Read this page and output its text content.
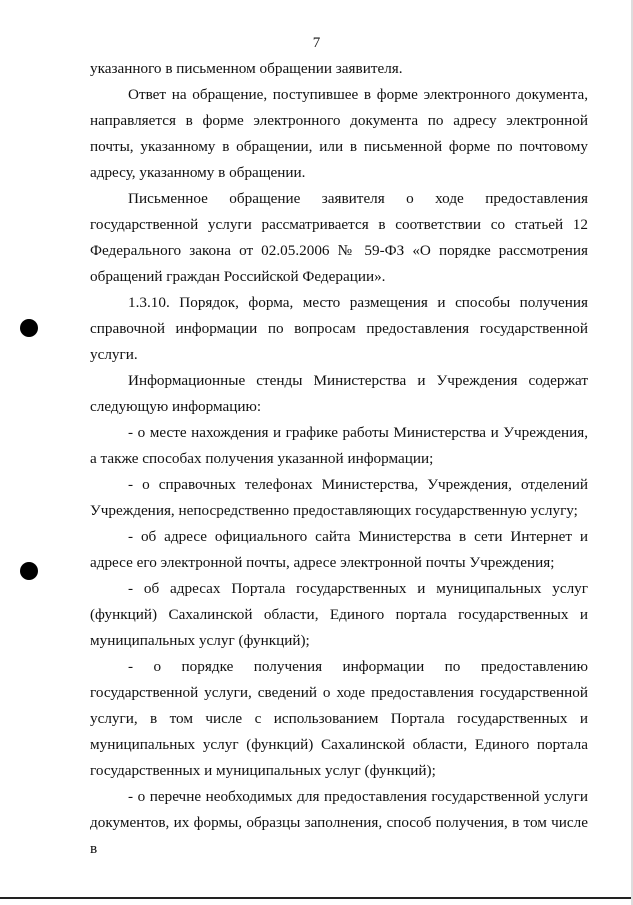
7

указанного в письменном обращении заявителя.

Ответ на обращение, поступившее в форме электронного документа, направляется в форме электронного документа по адресу электронной почты, указанному в обращении, или в письменной форме по почтовому адресу, указанному в обращении.

Письменное обращение заявителя о ходе предоставления государственной услуги рассматривается в соответствии со статьей 12 Федерального закона от 02.05.2006 № 59-ФЗ «О порядке рассмотрения обращений граждан Российской Федерации».

1.3.10. Порядок, форма, место размещения и способы получения справочной информации по вопросам предоставления государственной услуги.

Информационные стенды Министерства и Учреждения содержат следующую информацию:

- о месте нахождения и графике работы Министерства и Учреждения, а также способах получения указанной информации;

- о справочных телефонах Министерства, Учреждения, отделений Учреждения, непосредственно предоставляющих государственную услугу;

- об адресе официального сайта Министерства в сети Интернет и адресе его электронной почты, адресе электронной почты Учреждения;

- об адресах Портала государственных и муниципальных услуг (функций) Сахалинской области, Единого портала государственных и муниципальных услуг (функций);

- о порядке получения информации по предоставлению государственной услуги, сведений о ходе предоставления государственной услуги, в том числе с использованием Портала государственных и муниципальных услуг (функций) Сахалинской области, Единого портала государственных и муниципальных услуг (функций);

- о перечне необходимых для предоставления государственной услуги документов, их формы, образцы заполнения, способ получения, в том числе в
